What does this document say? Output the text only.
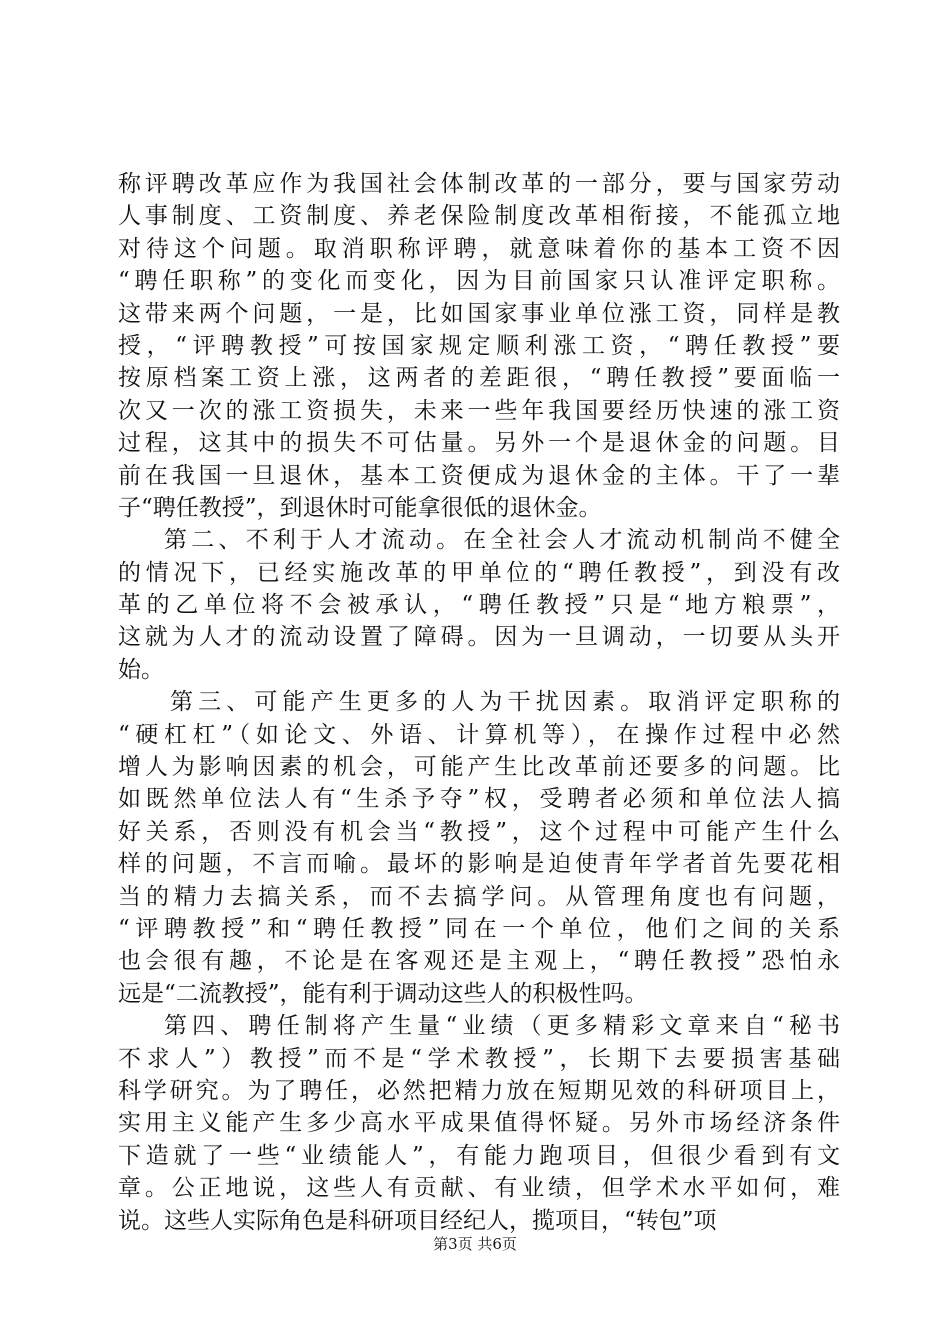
称评聘改革应作为我国社会体制改革的一部分，要与国家劳动
人事制度、工资制度、养老保险制度改革相衔接，不能孤立地
对待这个问题。取消职称评聘，就意味着你的基本工资不因
“聘任职称”的变化而变化，因为目前国家只认准评定职称。
这带来两个问题，一是，比如国家事业单位涨工资，同样是教
授，“评聘教授”可按国家规定顺利涨工资，“聘任教授”要
按原档案工资上涨，这两者的差距很，“聘任教授”要面临一
次又一次的涨工资损失，未来一些年我国要经历快速的涨工资
过程，这其中的损失不可估量。另外一个是退休金的问题。目
前在我国一旦退休，基本工资便成为退休金的主体。干了一辈
子“聘任教授”，到退休时可能拿很低的退休金。
第二、不利于人才流动。在全社会人才流动机制尚不健全
的情况下，已经实施改革的甲单位的“聘任教授”，到没有改
革的乙单位将不会被承认，“聘任教授”只是“地方粮票”，
这就为人才的流动设置了障碍。因为一旦调动，一切要从头开
始。
第三、可能产生更多的人为干扰因素。取消评定职称的
“硬杠杠”（如论文、外语、计算机等），在操作过程中必然
增人为影响因素的机会，可能产生比改革前还要多的问题。比
如既然单位法人有“生杀予夺”权，受聘者必须和单位法人搞
好关系，否则没有机会当“教授”，这个过程中可能产生什么
样的问题，不言而喻。最坏的影响是迫使青年学者首先要花相
当的精力去搞关系，而不去搞学问。从管理角度也有问题，
“评聘教授”和“聘任教授”同在一个单位，他们之间的关系
也会很有趣，不论是在客观还是主观上，“聘任教授”恐怕永
远是“二流教授”，能有利于调动这些人的积极性吗。
第四、聘任制将产生量“业绩（更多精彩文章来自“秘书
不求人”）教授”而不是“学术教授”，长期下去要损害基础
科学研究。为了聘任，必然把精力放在短期见效的科研项目上，
实用主义能产生多少高水平成果值得怀疑。另外市场经济条件
下造就了一些“业绩能人”，有能力跑项目，但很少看到有文
章。公正地说，这些人有贡献、有业绩，但学术水平如何，难
说。这些人实际角色是科研项目经纪人，揽项目，“转包”项
第3页 共6页
